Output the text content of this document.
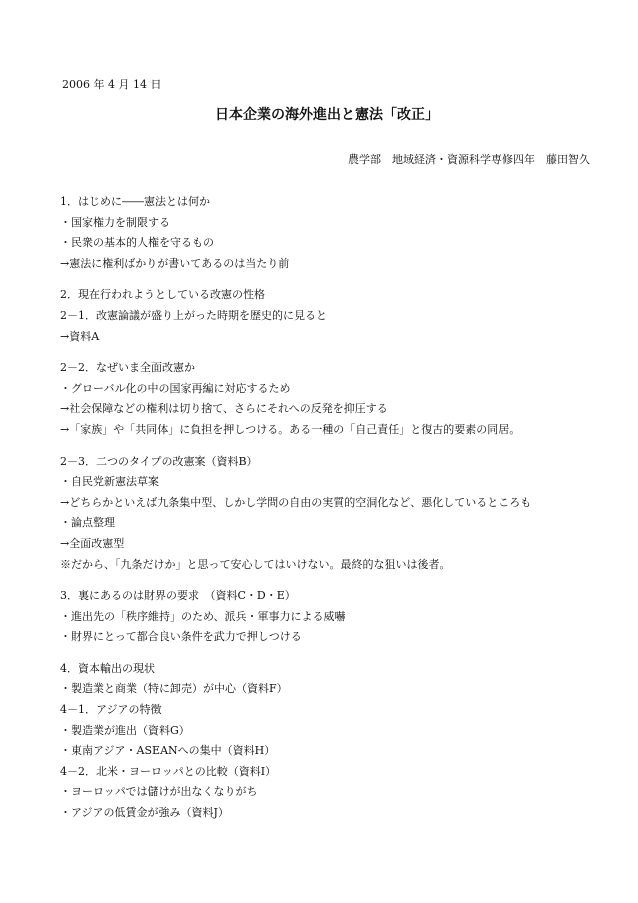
2006 年 4 月 14 日
日本企業の海外進出と憲法「改正」
農学部　地域経済・資源科学専修四年　藤田智久
1．はじめに――憲法とは何か
・国家権力を制限する
・民衆の基本的人権を守るもの
→憲法に権利ばかりが書いてあるのは当たり前
2．現在行われようとしている改憲の性格
2－1．改憲論議が盛り上がった時期を歴史的に見ると
→資料A
2－2．なぜいま全面改憲か
・グローバル化の中の国家再編に対応するため
→社会保障などの権利は切り捨て、さらにそれへの反発を抑圧する
→「家族」や「共同体」に負担を押しつける。ある一種の「自己責任」と復古的要素の同居。
2－3．二つのタイプの改憲案（資料B）
・自民党新憲法草案
→どちらかといえば九条集中型、しかし学問の自由の実質的空洞化など、悪化しているところも
・論点整理
→全面改憲型
※だから、「九条だけか」と思って安心してはいけない。最終的な狙いは後者。
3．裏にあるのは財界の要求　（資料C・D・E）
・進出先の「秩序維持」のため、派兵・軍事力による威嚇
・財界にとって都合良い条件を武力で押しつける
4．資本輸出の現状
・製造業と商業（特に卸売）が中心（資料F）
4－1．アジアの特徴
・製造業が進出（資料G）
・東南アジア・ASEANへの集中（資料H）
4－2．北米・ヨーロッパとの比較（資料I）
・ヨーロッパでは儲けが出なくなりがち
・アジアの低賃金が強み（資料J）
